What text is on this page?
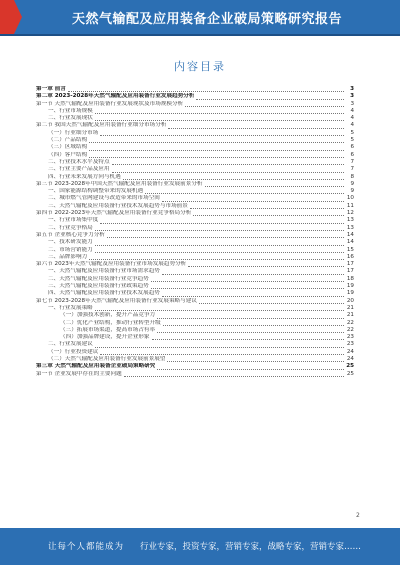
天然气输配及应用装备企业破局策略研究报告
内容目录
第一章 前言	3
第二章 2023-2028年天然气输配及应用装备行业发展趋势分析	3
第一节 天然气输配及应用装备行业发展现状及市场规模分析	3
一、行业市场规模	4
二、行业发展现状	4
第二节 我国天然气输配及应用装备行业细分市场分析	4
（一）行业细分市场	5
（二）产品结构	5
（三）区域结构	6
（四）客户结构	6
二、行业技术水平及特点	7
三、行业主要产品及应用	7
四、行业未来发展方向与机遇	8
第三节 2023-2028年中国天然气输配及应用装备行业发展前景分析	9
一、国家能源结构调整带来的发展机遇	9
二、城市燃气管网建设与改造带来的市场空间	10
三、天然气输配及应用装备行业技术发展趋势与市场前景	11
第四节 2022-2023年天然气输配及应用装备行业竞争格局分析	12
一、行业市场集中度	13
二、行业竞争格局	13
第五节 企业核心竞争力分析	14
一、技术研发能力	14
二、市场营销能力	15
三、品牌影响力	16
第六节 2023年天然气输配及应用装备行业市场发展趋势分析	17
一、天然气输配及应用装备行业市场需求趋势	17
二、天然气输配及应用装备行业竞争趋势	18
三、天然气输配及应用装备行业政策趋势	19
四、天然气输配及应用装备行业技术发展趋势	19
第七节 2023-2028年天然气输配及应用装备行业发展策略与建议	20
一、行业发展策略	21
（一）加强技术创新，提升产品竞争力	21
（二）优化产业结构，推动行业转型升级	22
（三）拓展市场渠道，提高市场占有率	22
（四）加强品牌建设，提升企业形象	23
二、行业发展建议	23
（一）行业投资建议	24
（二）天然气输配及应用装备行业发展前景展望	24
第三章 天然气输配及应用装备企业破局策略研究	25
第一节 企业发展中存在的主要问题	25
让每个人都能成为 行业专家，投资专家，营销专家，战略专家，营销专家……
2
